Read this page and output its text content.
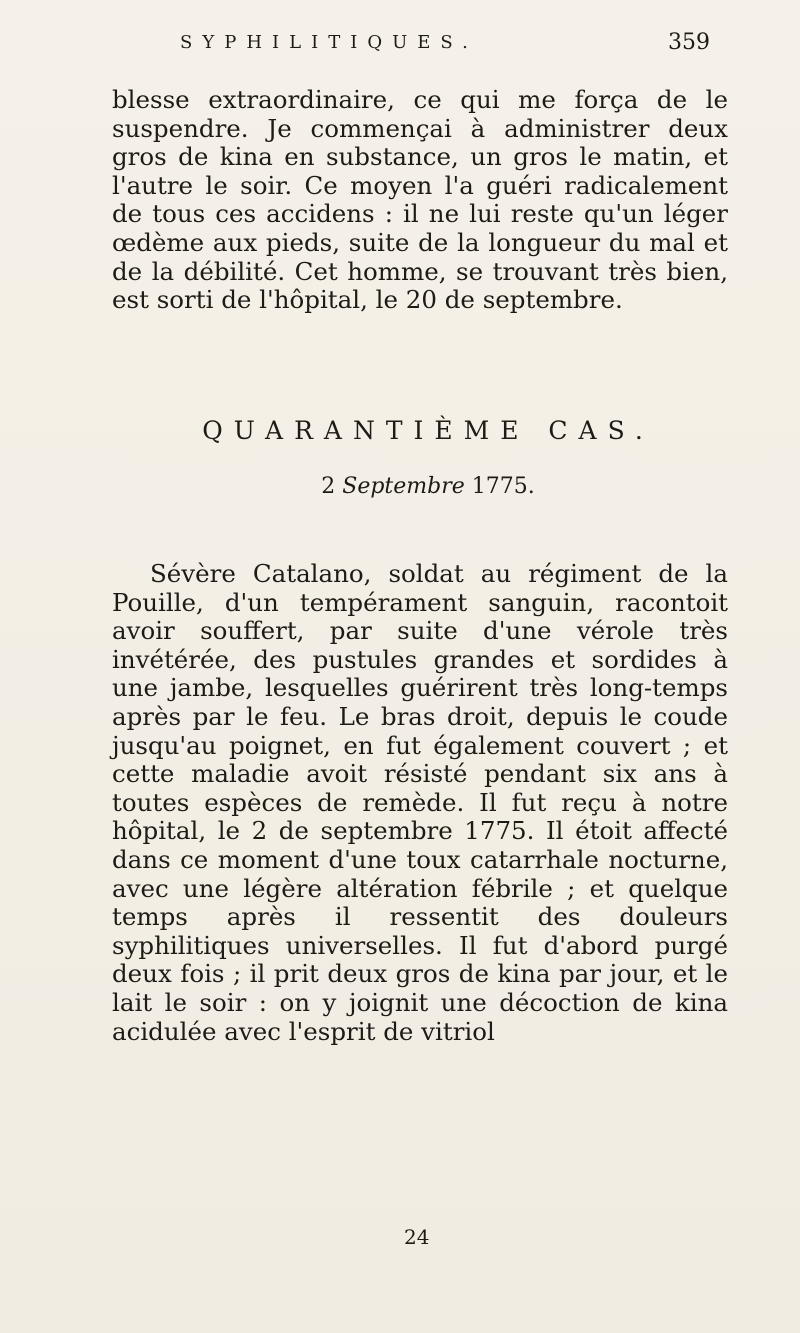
SYPHILITIQUES.	359

blesse extraordinaire, ce qui me força de le suspendre. Je commençai à administrer deux gros de kina en substance, un gros le matin, et l'autre le soir. Ce moyen l'a guéri radicalement de tous ces accidens : il ne lui reste qu'un léger œdème aux pieds, suite de la longueur du mal et de la débilité. Cet homme, se trouvant très bien, est sorti de l'hôpital, le 20 de septembre.

QUARANTIÈME CAS.
2 Septembre 1775.

Sévère Catalano, soldat au régiment de la Pouille, d'un tempérament sanguin, racontoit avoir souffert, par suite d'une vérole très invétérée, des pustules grandes et sordides à une jambe, lesquelles guérirent très long-temps après par le feu. Le bras droit, depuis le coude jusqu'au poignet, en fut également couvert ; et cette maladie avoit résisté pendant six ans à toutes espèces de remède. Il fut reçu à notre hôpital, le 2 de septembre 1775. Il étoit affecté dans ce moment d'une toux catarrhale nocturne, avec une légère altération fébrile ; et quelque temps après il ressentit des douleurs syphilitiques universelles. Il fut d'abord purgé deux fois ; il prit deux gros de kina par jour, et le lait le soir : on y joignit une décoction de kina acidulée avec l'esprit de vitriol

24
